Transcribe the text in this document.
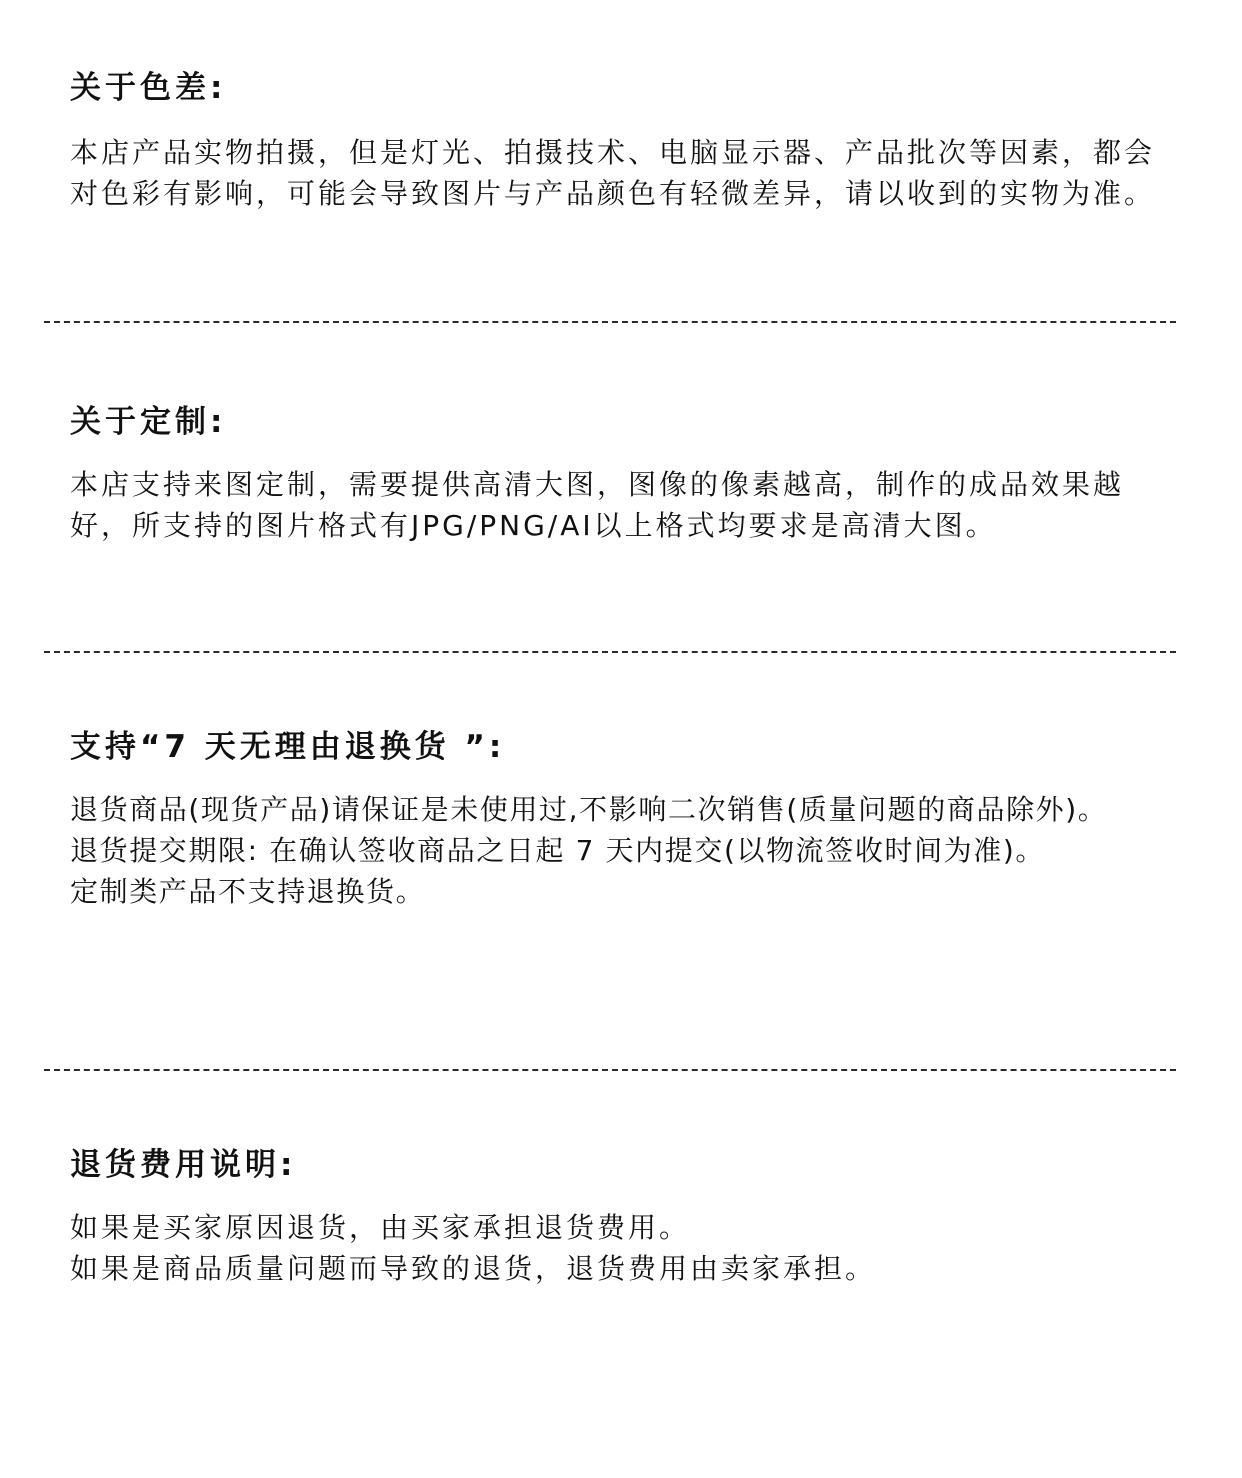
关于色差:

本店产品实物拍摄，但是灯光、拍摄技术、电脑显示器、产品批次等因素，都会对色彩有影响，可能会导致图片与产品颜色有轻微差异，请以收到的实物为准。

关于定制:

本店支持来图定制，需要提供高清大图，图像的像素越高，制作的成品效果越好，所支持的图片格式有JPG/PNG/AI以上格式均要求是高清大图。

支持“7 天无理由退换货 ”:

退货商品(现货产品)请保证是未使用过,不影响二次销售(质量问题的商品除外)。

退货提交期限: 在确认签收商品之日起 7 天内提交(以物流签收时间为准)。

定制类产品不支持退换货。

退货费用说明:

如果是买家原因退货，由买家承担退货费用。

如果是商品质量问题而导致的退货，退货费用由卖家承担。
